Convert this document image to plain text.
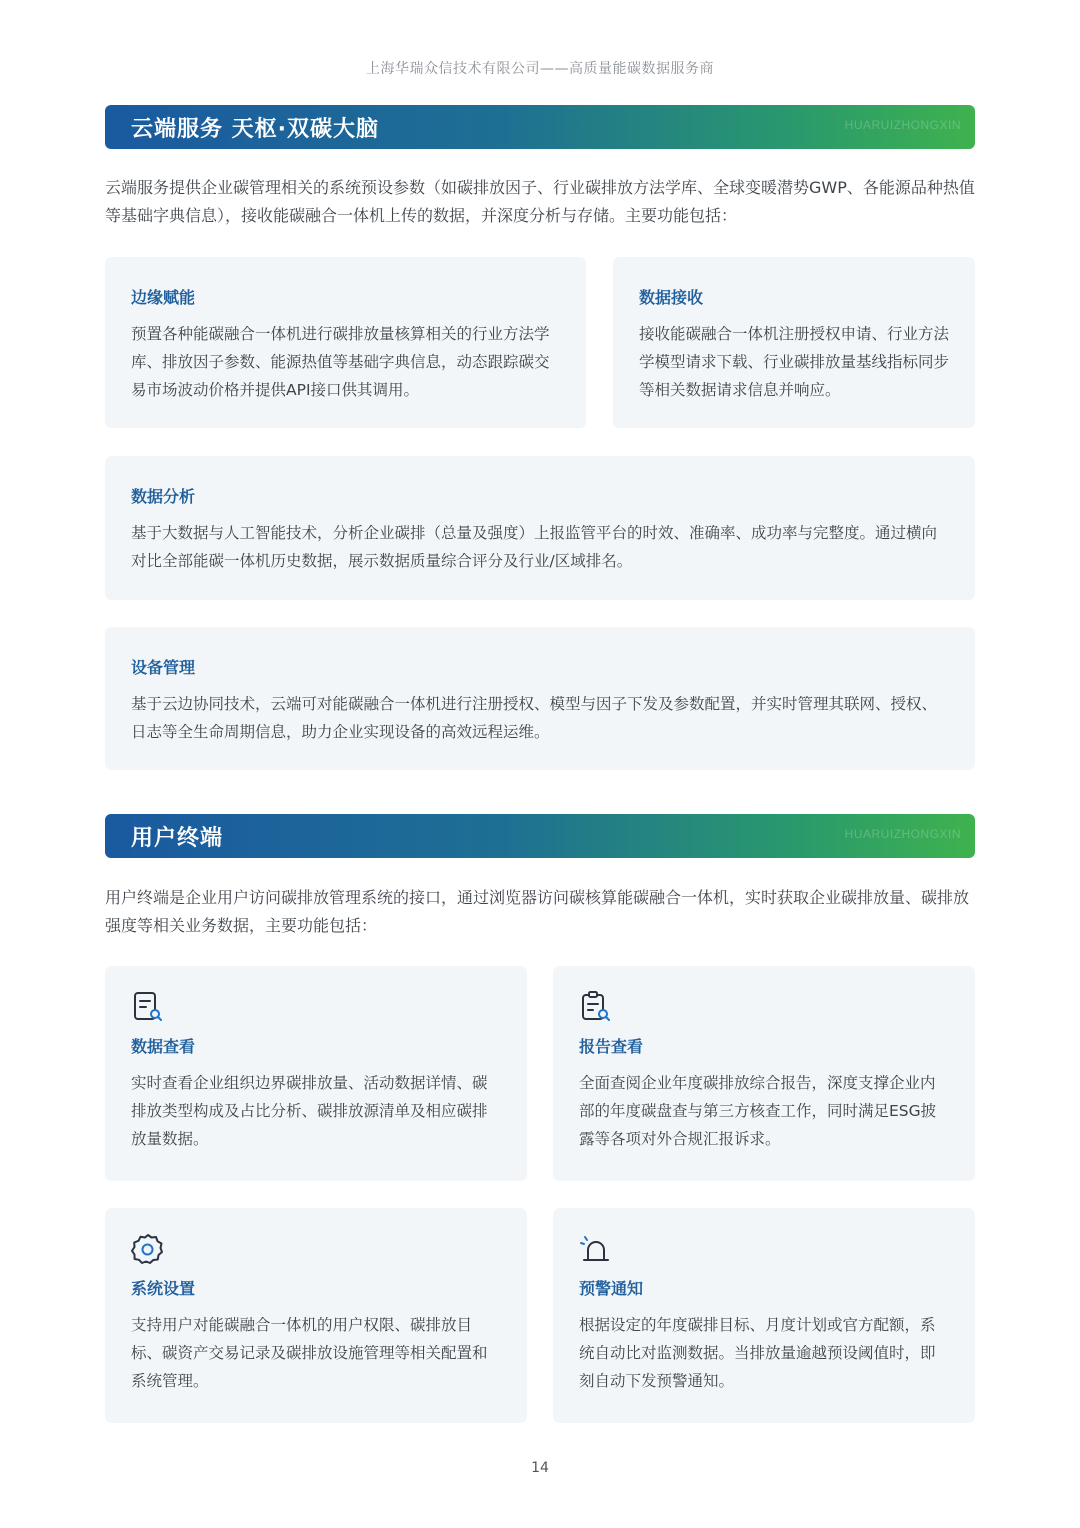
上海华瑞众信技术有限公司——高质量能碳数据服务商
云端服务 天枢·双碳大脑	HUARUIZHONGXIN

云端服务提供企业碳管理相关的系统预设参数（如碳排放因子、行业碳排放方法学库、全球变暖潜势GWP、各能源品种热值等基础字典信息），接收能碳融合一体机上传的数据，并深度分析与存储。主要功能包括：

边缘赋能

预置各种能碳融合一体机进行碳排放量核算相关的行业方法学库、排放因子参数、能源热值等基础字典信息，动态跟踪碳交易市场波动价格并提供API接口供其调用。

数据接收

接收能碳融合一体机注册授权申请、行业方法学模型请求下载、行业碳排放量基线指标同步等相关数据请求信息并响应。

数据分析

基于大数据与人工智能技术，分析企业碳排（总量及强度）上报监管平台的时效、准确率、成功率与完整度。通过横向对比全部能碳一体机历史数据，展示数据质量综合评分及行业/区域排名。

设备管理

基于云边协同技术，云端可对能碳融合一体机进行注册授权、模型与因子下发及参数配置，并实时管理其联网、授权、日志等全生命周期信息，助力企业实现设备的高效远程运维。

用户终端	HUARUIZHONGXIN

用户终端是企业用户访问碳排放管理系统的接口，通过浏览器访问碳核算能碳融合一体机，实时获取企业碳排放量、碳排放强度等相关业务数据，主要功能包括：

数据查看

实时查看企业组织边界碳排放量、活动数据详情、碳排放类型构成及占比分析、碳排放源清单及相应碳排放量数据。

报告查看

全面查阅企业年度碳排放综合报告，深度支撑企业内部的年度碳盘查与第三方核查工作，同时满足ESG披露等各项对外合规汇报诉求。

系统设置

支持用户对能碳融合一体机的用户权限、碳排放目标、碳资产交易记录及碳排放设施管理等相关配置和系统管理。

预警通知

根据设定的年度碳排目标、月度计划或官方配额，系统自动比对监测数据。当排放量逾越预设阈值时，即刻自动下发预警通知。

14
